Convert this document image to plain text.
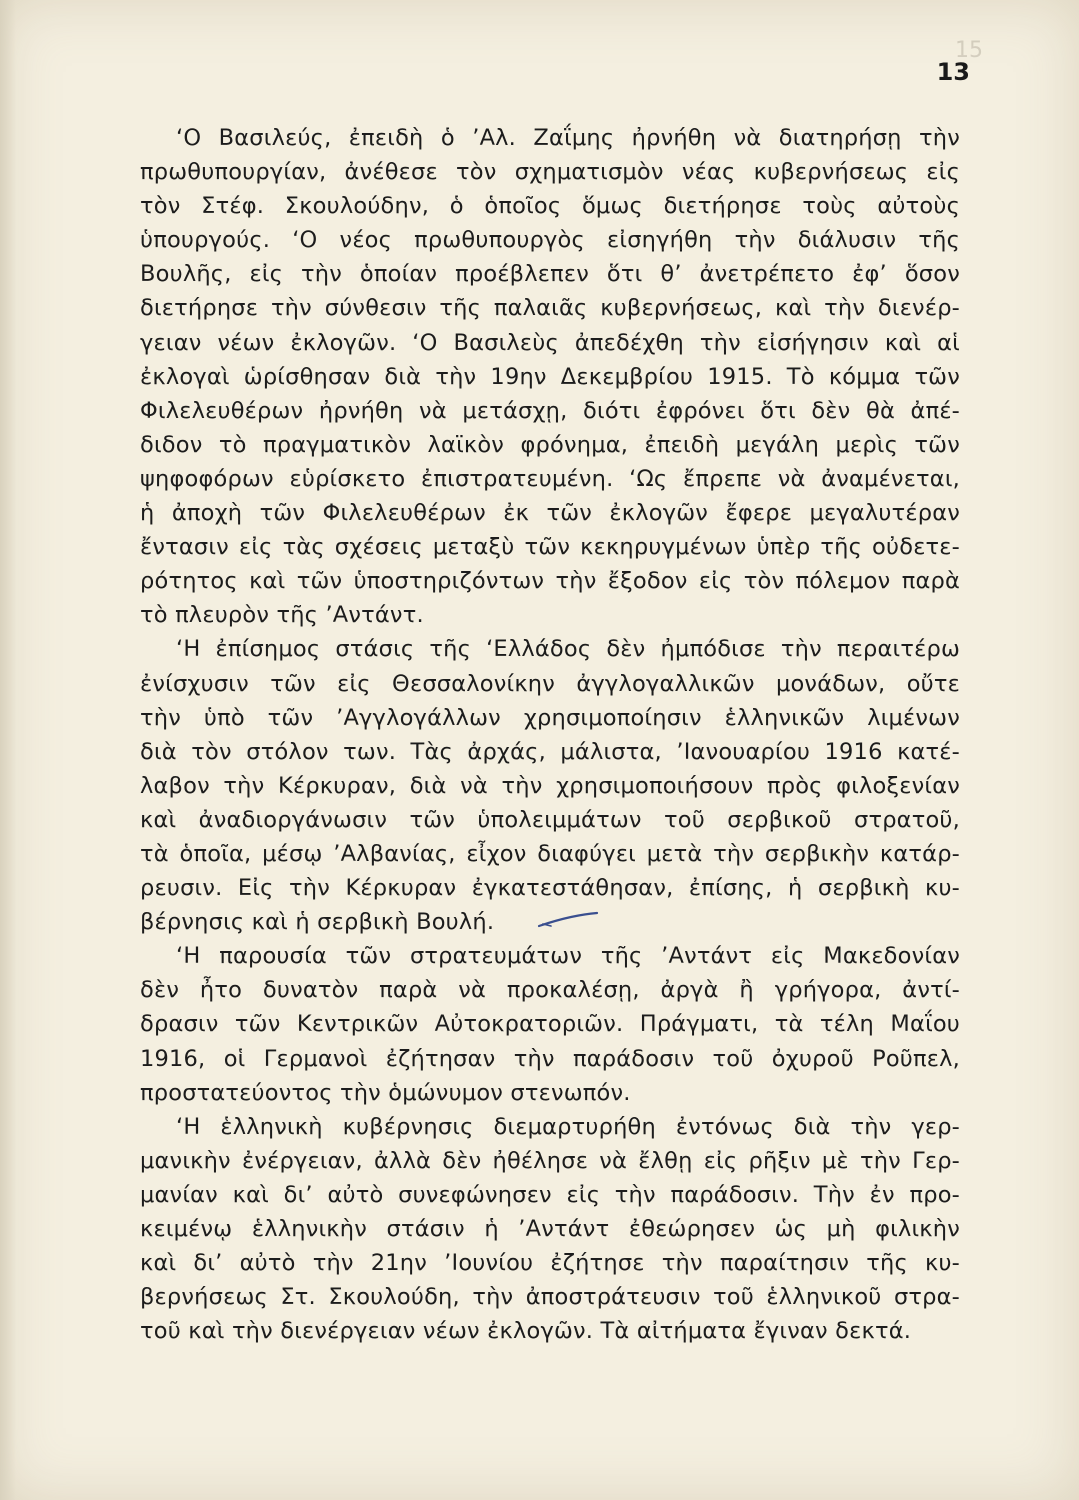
15
13
‘Ο Βασιλεύς, ἐπειδὴ ὁ ’Αλ. Ζαΐμης ἠρνήθη νὰ διατηρήσῃ τὴν
πρωθυπουργίαν, ἀνέθεσε τὸν σχηματισμὸν νέας κυβερνήσεως εἰς
τὸν Στέφ. Σκουλούδην, ὁ ὁποῖος ὅμως διετήρησε τοὺς αὐτοὺς
ὑπουργούς. ‘Ο νέος πρωθυπουργὸς εἰσηγήθη τὴν διάλυσιν τῆς
Βουλῆς, εἰς τὴν ὁποίαν προέβλεπεν ὅτι θ’ ἀνετρέπετο ἐφ’ ὅσον
διετήρησε τὴν σύνθεσιν τῆς παλαιᾶς κυβερνήσεως, καὶ τὴν διενέρ-
γειαν νέων ἐκλογῶν. ‘Ο Βασιλεὺς ἀπεδέχθη τὴν εἰσήγησιν καὶ αἱ
ἐκλογαὶ ὡρίσθησαν διὰ τὴν 19ην Δεκεμβρίου 1915. Τὸ κόμμα τῶν
Φιλελευθέρων ἠρνήθη νὰ μετάσχῃ, διότι ἐφρόνει ὅτι δὲν θὰ ἀπέ-
διδον τὸ πραγματικὸν λαϊκὸν φρόνημα, ἐπειδὴ μεγάλη μερὶς τῶν
ψηφοφόρων εὑρίσκετο ἐπιστρατευμένη. ‘Ως ἔπρεπε νὰ ἀναμένεται,
ἡ ἀποχὴ τῶν Φιλελευθέρων ἐκ τῶν ἐκλογῶν ἔφερε μεγαλυτέραν
ἔντασιν εἰς τὰς σχέσεις μεταξὺ τῶν κεκηρυγμένων ὑπὲρ τῆς οὐδετε-
ρότητος καὶ τῶν ὑποστηριζόντων τὴν ἔξοδον εἰς τὸν πόλεμον παρὰ
τὸ πλευρὸν τῆς ’Αντάντ.
‘Η ἐπίσημος στάσις τῆς ‘Ελλάδος δὲν ἠμπόδισε τὴν περαιτέρω
ἐνίσχυσιν τῶν εἰς Θεσσαλονίκην ἀγγλογαλλικῶν μονάδων, οὔτε
τὴν ὑπὸ τῶν ’Αγγλογάλλων χρησιμοποίησιν ἑλληνικῶν λιμένων
διὰ τὸν στόλον των. Τὰς ἀρχάς, μάλιστα, ’Ιανουαρίου 1916 κατέ-
λαβον τὴν Κέρκυραν, διὰ νὰ τὴν χρησιμοποιήσουν πρὸς φιλοξενίαν
καὶ ἀναδιοργάνωσιν τῶν ὑπολειμμάτων τοῦ σερβικοῦ στρατοῦ,
τὰ ὁποῖα, μέσῳ ’Αλβανίας, εἶχον διαφύγει μετὰ τὴν σερβικὴν κατάρ-
ρευσιν. Εἰς τὴν Κέρκυραν ἐγκατεστάθησαν, ἐπίσης, ἡ σερβικὴ κυ-
βέρνησις καὶ ἡ σερβικὴ Βουλή.
‘Η παρουσία τῶν στρατευμάτων τῆς ’Αντάντ εἰς Μακεδονίαν
δὲν ἦτο δυνατὸν παρὰ νὰ προκαλέσῃ, ἀργὰ ἢ γρήγορα, ἀντί-
δρασιν τῶν Κεντρικῶν Αὐτοκρατοριῶν. Πράγματι, τὰ τέλη Μαΐου
1916, οἱ Γερμανοὶ ἐζήτησαν τὴν παράδοσιν τοῦ ὀχυροῦ Ροῦπελ,
προστατεύοντος τὴν ὁμώνυμον στενωπόν.
‘Η ἑλληνικὴ κυβέρνησις διεμαρτυρήθη ἐντόνως διὰ τὴν γερ-
μανικὴν ἐνέργειαν, ἀλλὰ δὲν ἠθέλησε νὰ ἔλθῃ εἰς ρῆξιν μὲ τὴν Γερ-
μανίαν καὶ δι’ αὐτὸ συνεφώνησεν εἰς τὴν παράδοσιν. Τὴν ἐν προ-
κειμένῳ ἑλληνικὴν στάσιν ἡ ’Αντάντ ἐθεώρησεν ὡς μὴ φιλικὴν
καὶ δι’ αὐτὸ τὴν 21ην ’Ιουνίου ἐζήτησε τὴν παραίτησιν τῆς κυ-
βερνήσεως Στ. Σκουλούδη, τὴν ἀποστράτευσιν τοῦ ἑλληνικοῦ στρα-
τοῦ καὶ τὴν διενέργειαν νέων ἐκλογῶν. Τὰ αἰτήματα ἔγιναν δεκτά.
